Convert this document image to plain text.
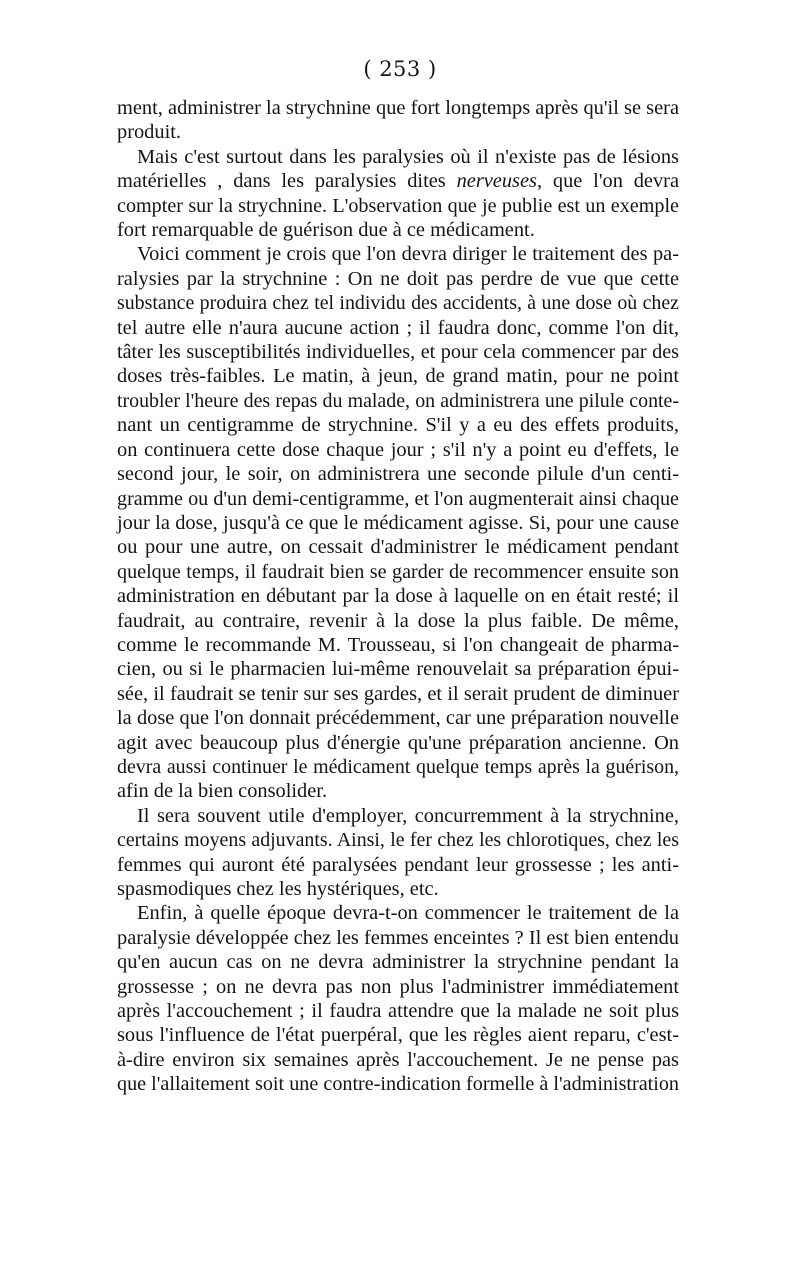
( 253 )
ment, administrer la strychnine que fort longtemps après qu'il se sera
produit.
Mais c'est surtout dans les paralysies où il n'existe pas de lésions
matérielles , dans les paralysies dites nerveuses, que l'on devra
compter sur la strychnine. L'observation que je publie est un exemple
fort remarquable de guérison due à ce médicament.
Voici comment je crois que l'on devra diriger le traitement des pa-
ralysies par la strychnine : On ne doit pas perdre de vue que cette
substance produira chez tel individu des accidents, à une dose où chez
tel autre elle n'aura aucune action ; il faudra donc, comme l'on dit,
tâter les susceptibilités individuelles, et pour cela commencer par des
doses très-faibles. Le matin, à jeun, de grand matin, pour ne point
troubler l'heure des repas du malade, on administrera une pilule conte-
nant un centigramme de strychnine. S'il y a eu des effets produits,
on continuera cette dose chaque jour ; s'il n'y a point eu d'effets, le
second jour, le soir, on administrera une seconde pilule d'un centi-
gramme ou d'un demi-centigramme, et l'on augmenterait ainsi chaque
jour la dose, jusqu'à ce que le médicament agisse. Si, pour une cause
ou pour une autre, on cessait d'administrer le médicament pendant
quelque temps, il faudrait bien se garder de recommencer ensuite son
administration en débutant par la dose à laquelle on en était resté; il
faudrait, au contraire, revenir à la dose la plus faible. De même,
comme le recommande M. Trousseau, si l'on changeait de pharma-
cien, ou si le pharmacien lui-même renouvelait sa préparation épui-
sée, il faudrait se tenir sur ses gardes, et il serait prudent de diminuer
la dose que l'on donnait précédemment, car une préparation nouvelle
agit avec beaucoup plus d'énergie qu'une préparation ancienne. On
devra aussi continuer le médicament quelque temps après la guérison,
afin de la bien consolider.
Il sera souvent utile d'employer, concurremment à la strychnine,
certains moyens adjuvants. Ainsi, le fer chez les chlorotiques, chez les
femmes qui auront été paralysées pendant leur grossesse ; les anti-
spasmodiques chez les hystériques, etc.
Enfin, à quelle époque devra-t-on commencer le traitement de la
paralysie développée chez les femmes enceintes ? Il est bien entendu
qu'en aucun cas on ne devra administrer la strychnine pendant la
grossesse ; on ne devra pas non plus l'administrer immédiatement
après l'accouchement ; il faudra attendre que la malade ne soit plus
sous l'influence de l'état puerpéral, que les règles aient reparu, c'est-
à-dire environ six semaines après l'accouchement. Je ne pense pas
que l'allaitement soit une contre-indication formelle à l'administration
